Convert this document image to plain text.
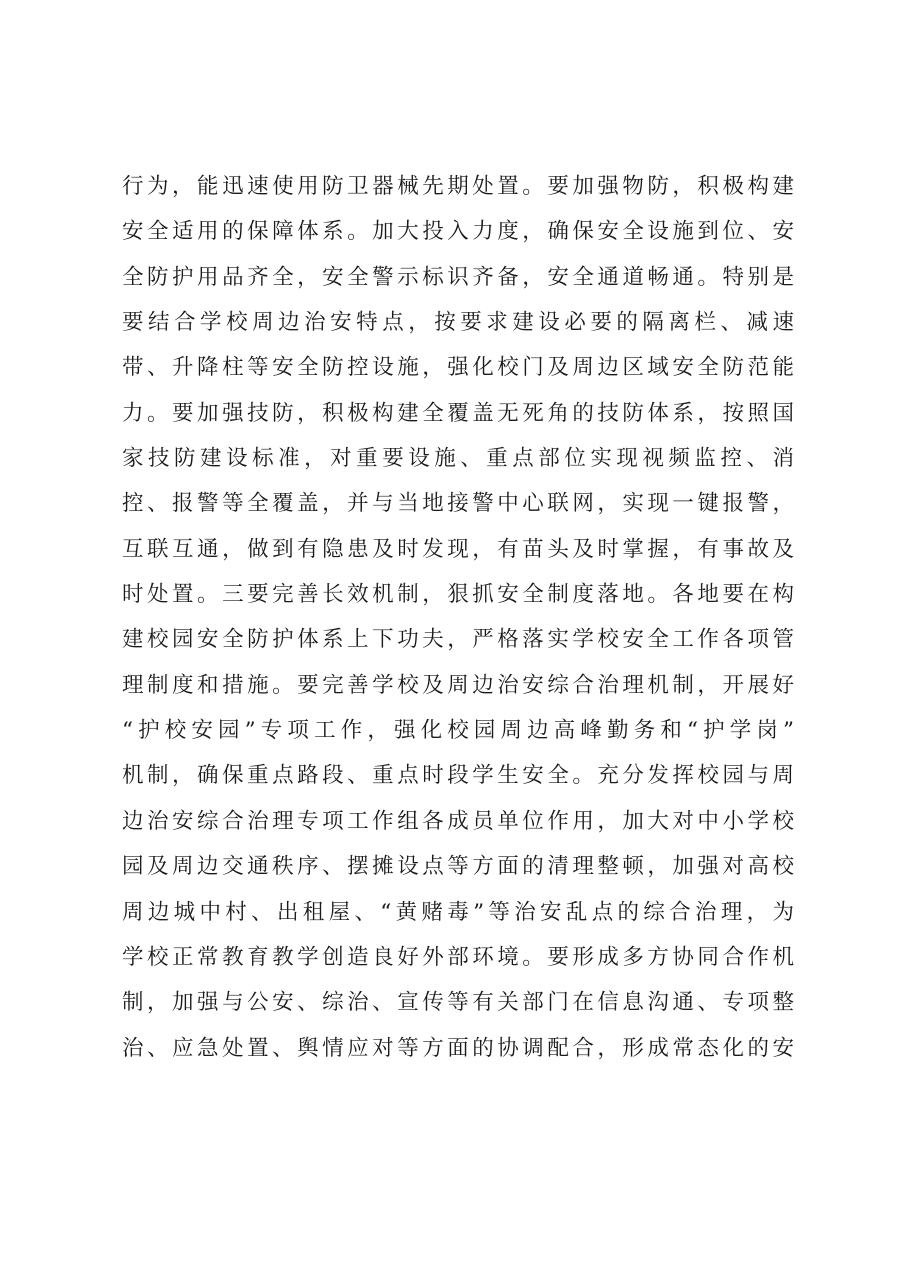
行为，能迅速使用防卫器械先期处置。要加强物防，积极构建
安全适用的保障体系。加大投入力度，确保安全设施到位、安
全防护用品齐全，安全警示标识齐备，安全通道畅通。特别是
要结合学校周边治安特点，按要求建设必要的隔离栏、减速
带、升降柱等安全防控设施，强化校门及周边区域安全防范能
力。要加强技防，积极构建全覆盖无死角的技防体系，按照国
家技防建设标准，对重要设施、重点部位实现视频监控、消
控、报警等全覆盖，并与当地接警中心联网，实现一键报警，
互联互通，做到有隐患及时发现，有苗头及时掌握，有事故及
时处置。三要完善长效机制，狠抓安全制度落地。各地要在构
建校园安全防护体系上下功夫，严格落实学校安全工作各项管
理制度和措施。要完善学校及周边治安综合治理机制，开展好
“护校安园”专项工作，强化校园周边高峰勤务和“护学岗”
机制，确保重点路段、重点时段学生安全。充分发挥校园与周
边治安综合治理专项工作组各成员单位作用，加大对中小学校
园及周边交通秩序、摆摊设点等方面的清理整顿，加强对高校
周边城中村、出租屋、“黄赌毒”等治安乱点的综合治理，为
学校正常教育教学创造良好外部环境。要形成多方协同合作机
制，加强与公安、综治、宣传等有关部门在信息沟通、专项整
治、应急处置、舆情应对等方面的协调配合，形成常态化的安
